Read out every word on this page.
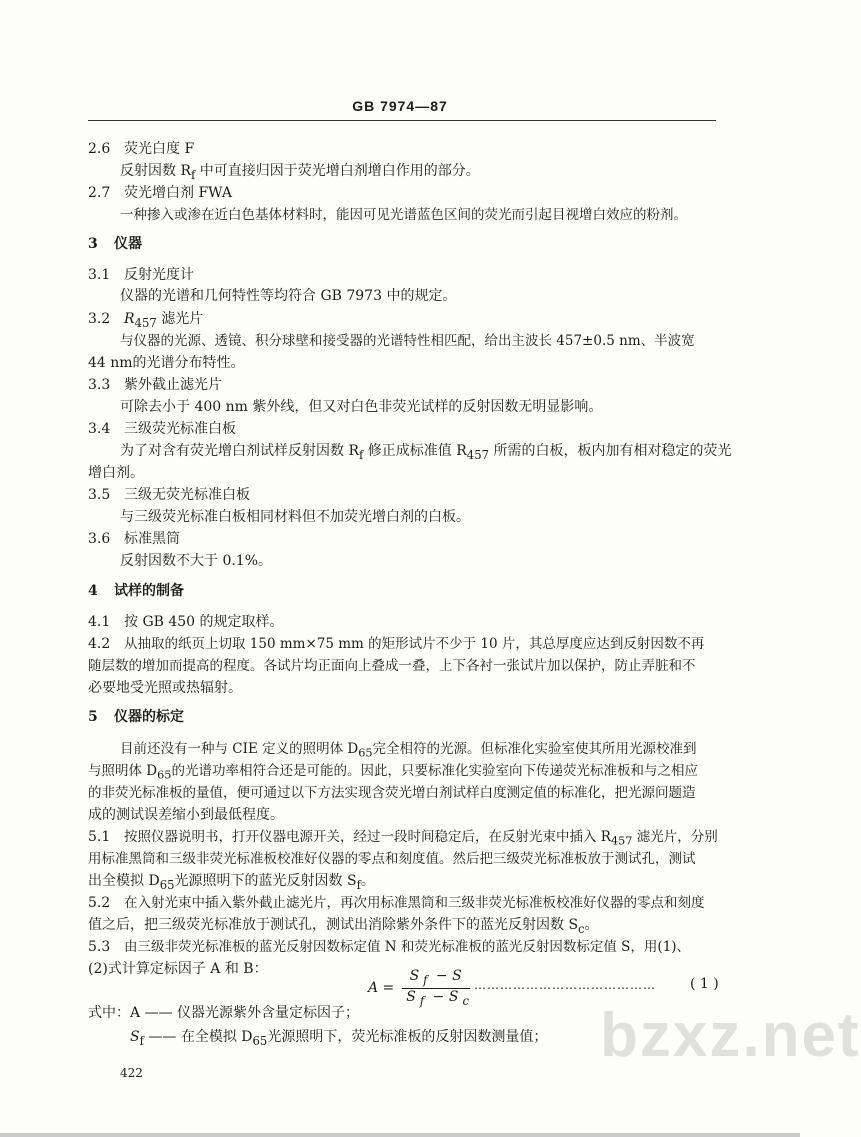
GB 7974—87
2.6 荧光白度 F
反射因数 $R_f$ 中可直接归因于荧光增白剂增白作用的部分。
2.7 荧光增白剂 FWA
一种掺入或渗在近白色基体材料时，能因可见光谱蓝色区间的荧光而引起目视增白效应的粉剂。
3 仪器
3.1 反射光度计
仪器的光谱和几何特性等均符合 GB 7973 中的规定。
3.2 $R_{457}$ 滤光片
与仪器的光源、透镜、积分球壁和接受器的光谱特性相匹配，给出主波长 457±0.5 nm、半波宽
44 nm的光谱分布特性。
3.3 紫外截止滤光片
可除去小于 400 nm 紫外线，但又对白色非荧光试样的反射因数无明显影响。
3.4 三级荧光标准白板
为了对含有荧光增白剂试样反射因数 $R_f$ 修正成标准值 $R_{457}$ 所需的白板，板内加有相对稳定的荧光
增白剂。
3.5 三级无荧光标准白板
与三级荧光标准白板相同材料但不加荧光增白剂的白板。
3.6 标准黑筒
反射因数不大于 0.1%。
4 试样的制备
4.1 按 GB 450 的规定取样。
4.2 从抽取的纸页上切取 150 mm×75 mm 的矩形试片不少于 10 片，其总厚度应达到反射因数不再
随层数的增加而提高的程度。各试片均正面向上叠成一叠，上下各衬一张试片加以保护，防止弄脏和不
必要地受光照或热辐射。
5 仪器的标定
目前还没有一种与 CIE 定义的照明体 $D_{65}$完全相符的光源。但标准化实验室使其所用光源校准到
与照明体 $D_{65}$的光谱功率相符合还是可能的。因此，只要标准化实验室向下传递荧光标准板和与之相应
的非荧光标准板的量值，便可通过以下方法实现含荧光增白剂试样白度测定值的标准化，把光源问题造
成的测试误差缩小到最低程度。
5.1 按照仪器说明书，打开仪器电源开关，经过一段时间稳定后，在反射光束中插入 $R_{457}$ 滤光片，分别
用标准黑筒和三级非荧光标准板校准好仪器的零点和刻度值。然后把三级荧光标准板放于测试孔，测试
出全模拟 $D_{65}$光源照明下的蓝光反射因数 $S_f$。
5.2 在入射光束中插入紫外截止滤光片，再次用标准黑筒和三级非荧光标准板校准好仪器的零点和刻度
值之后，把三级荧光标准放于测试孔，测试出消除紫外条件下的蓝光反射因数 $S_c$。
5.3 由三级非荧光标准板的蓝光反射因数标定值 N 和荧光标准板的蓝光反射因数标定值 S，用(1)、
(2)式计算定标因子 A 和 B：
$A = \frac{S _f - S}{S _f - S _c}$ …………………………………… ( 1 )
式中：A —— 仪器光源紫外含量定标因子；
$S_f$ —— 在全模拟 $D_{65}$光源照明下，荧光标准板的反射因数测量值；
422
bzxz.net
